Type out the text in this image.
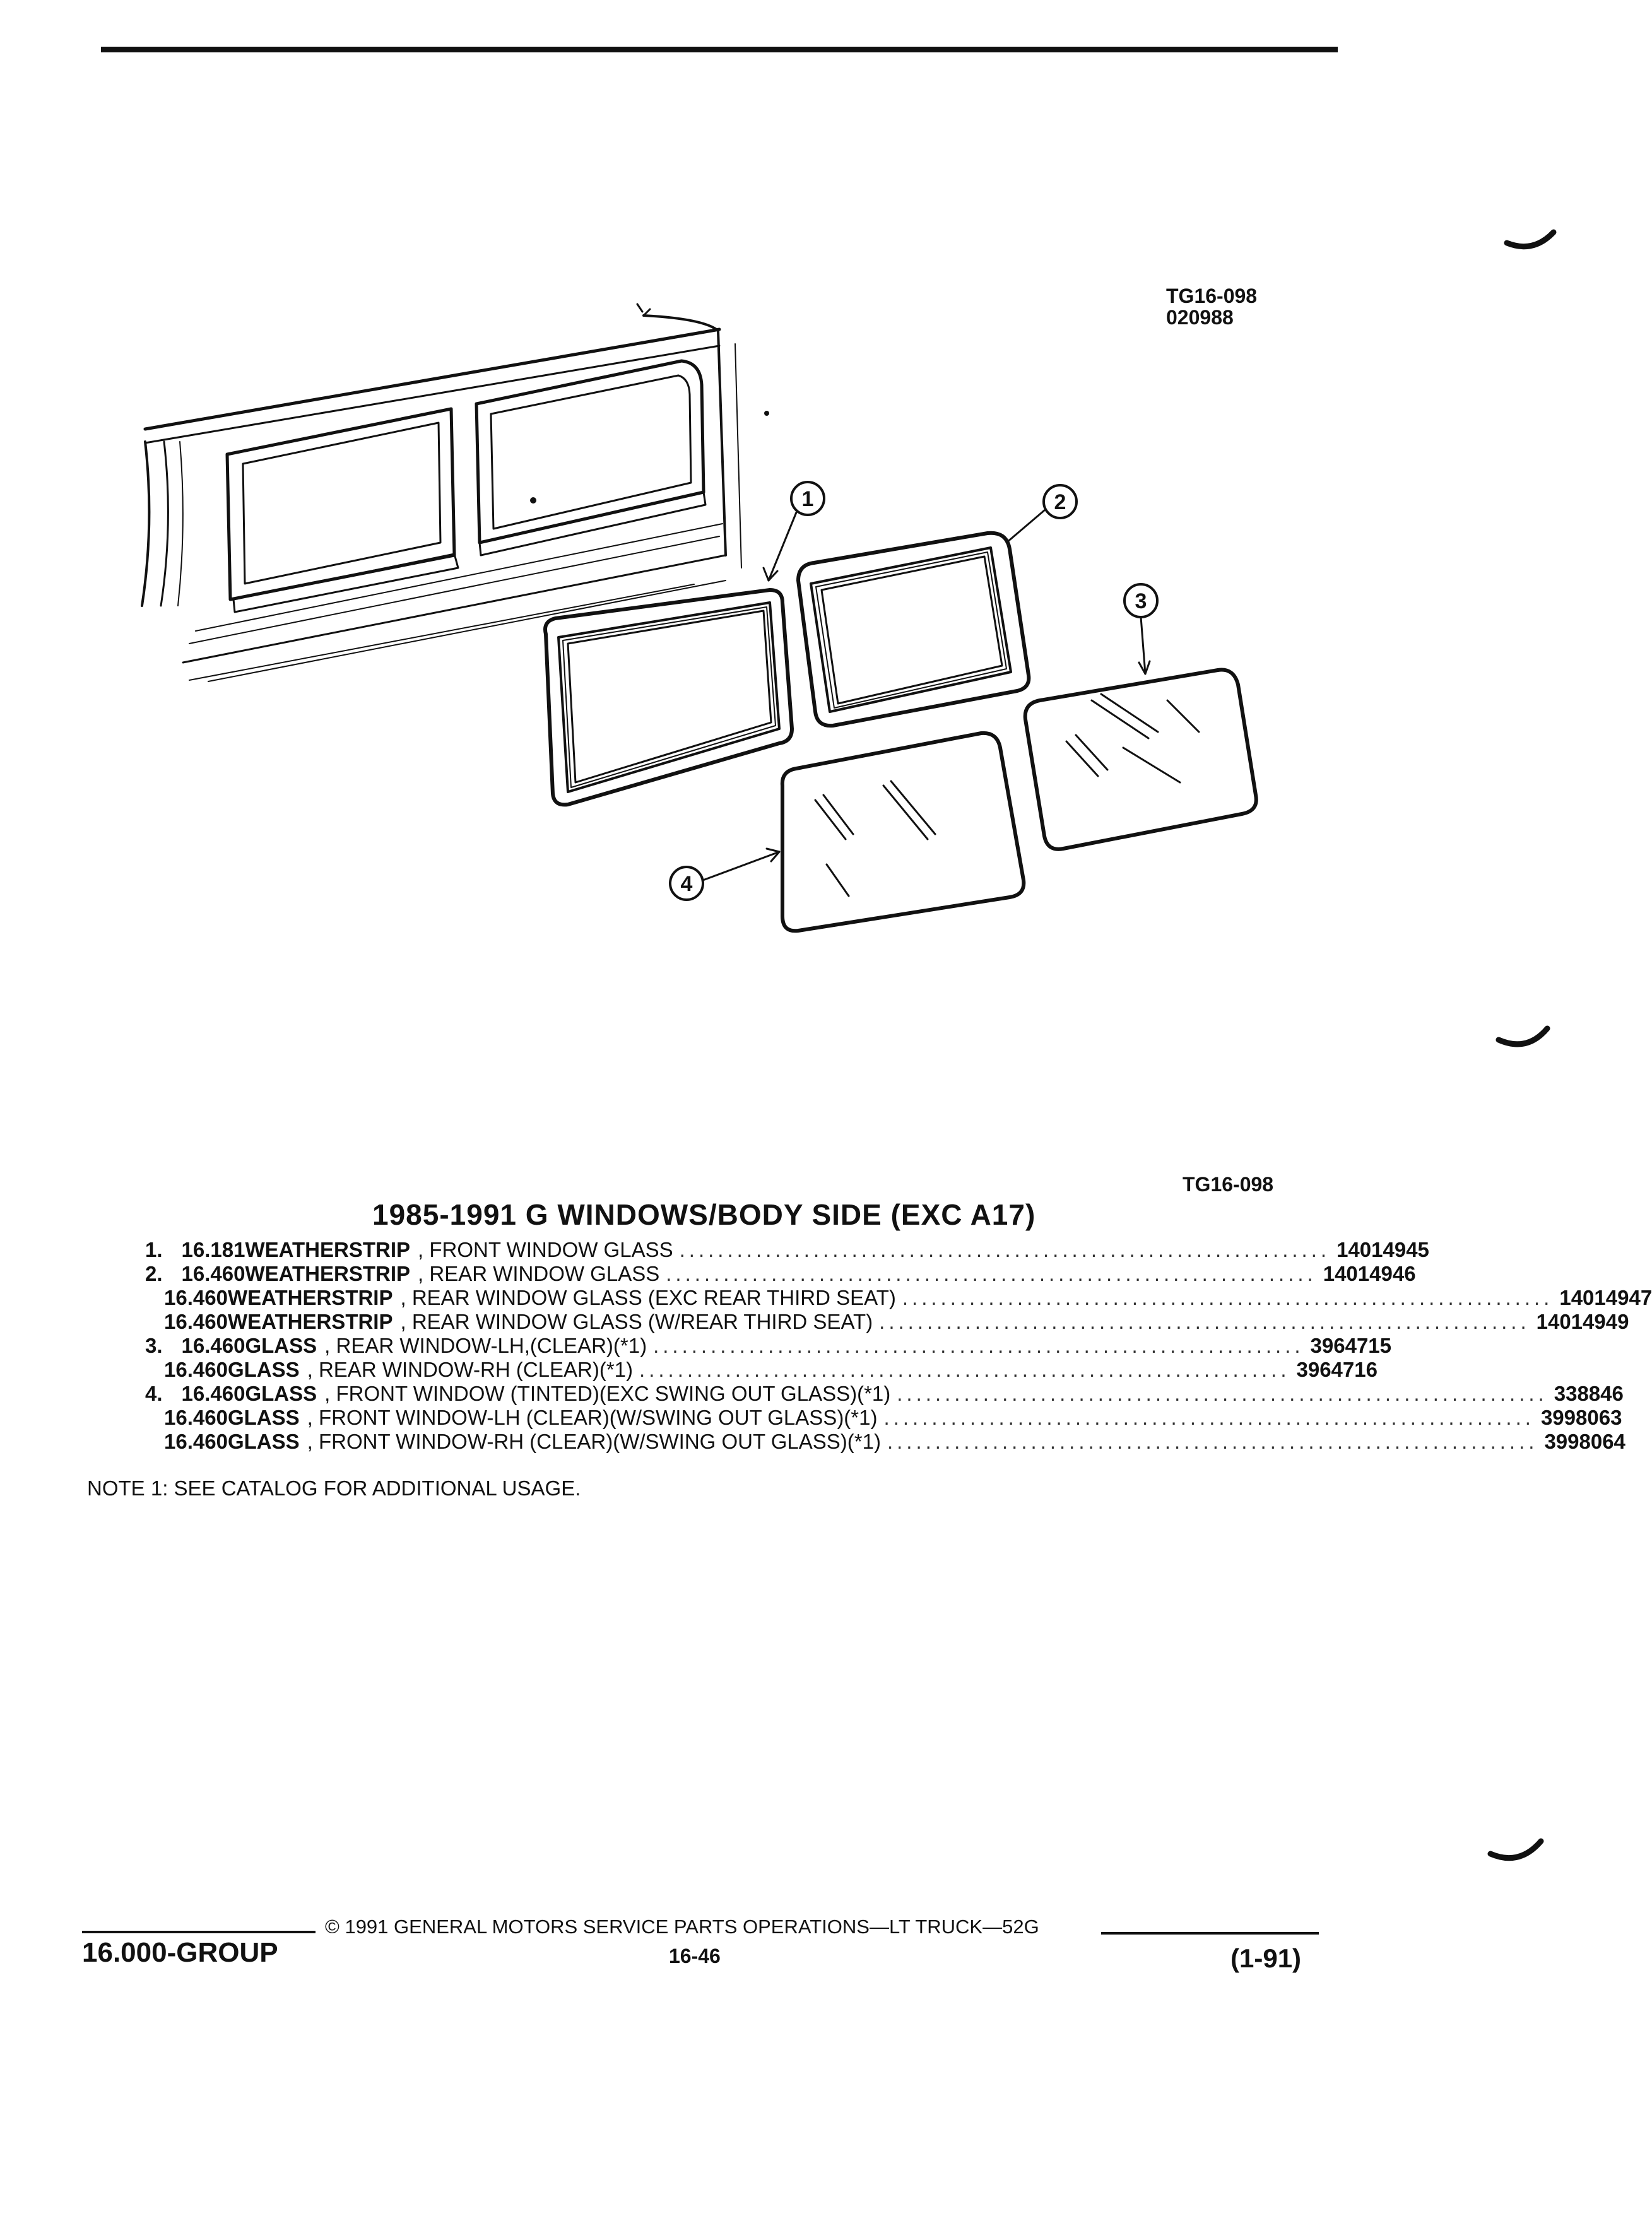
TG16-098
020988
1	2
3
4
TG16-098
1985-1991 G WINDOWS/BODY SIDE (EXC A17)
1. 16.181 WEATHERSTRIP , FRONT WINDOW GLASS .................................................................... 14014945
2. 16.460 WEATHERSTRIP , REAR WINDOW GLASS .................................................................... 14014946
16.460 WEATHERSTRIP , REAR WINDOW GLASS (EXC REAR THIRD SEAT) .................................................................... 14014947
16.460 WEATHERSTRIP , REAR WINDOW GLASS (W/REAR THIRD SEAT) .................................................................... 14014949
3. 16.460 GLASS , REAR WINDOW-LH,(CLEAR)(*1) .................................................................... 3964715
16.460 GLASS , REAR WINDOW-RH (CLEAR)(*1) .................................................................... 3964716
4. 16.460 GLASS , FRONT WINDOW (TINTED)(EXC SWING OUT GLASS)(*1) .................................................................... 338846
16.460 GLASS , FRONT WINDOW-LH (CLEAR)(W/SWING OUT GLASS)(*1) .................................................................... 3998063
16.460 GLASS , FRONT WINDOW-RH (CLEAR)(W/SWING OUT GLASS)(*1) .................................................................... 3998064
NOTE 1: SEE CATALOG FOR ADDITIONAL USAGE.
16.000-GROUP
© 1991 GENERAL MOTORS SERVICE PARTS OPERATIONS—LT TRUCK—52G
16-46	(1-91)
